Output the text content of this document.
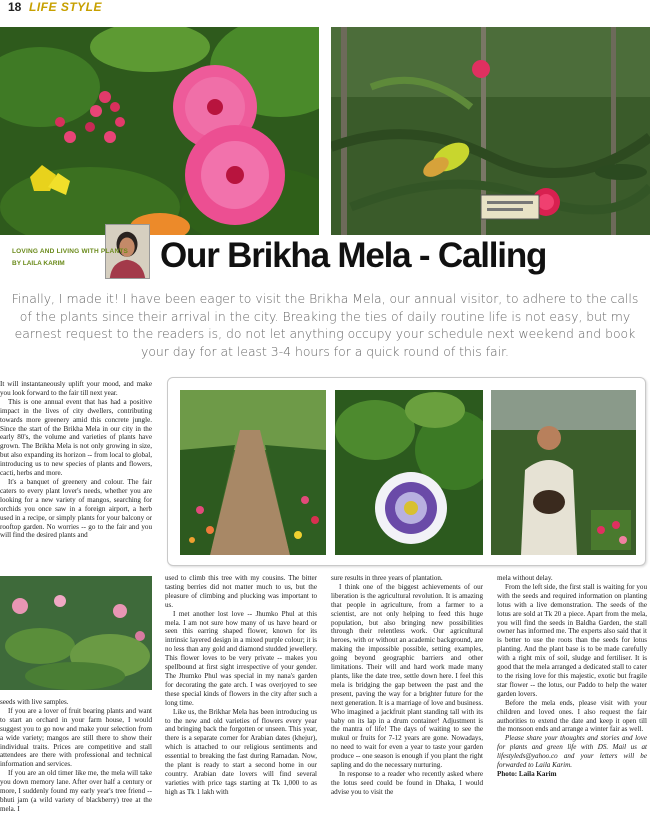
18 LIFE STYLE
LOVING AND LIVING WITH PLANTS
BY LAILA KARIM	Our Brikha Mela - Calling
Finally, I made it! I have been eager to visit the Brikha Mela, our annual visitor, to adhere to the calls of the plants since their arrival in the city. Breaking the ties of daily routine life is not easy, but my earnest request to the readers is, do not let anything occupy your schedule next weekend and book your day for at least 3-4 hours for a quick round of this fair.

It will instantaneously uplift your mood, and make you look forward to the fair till next year.

This is one annual event that has had a positive impact in the lives of city dwellers, contributing towards more greenery amid this concrete jungle. Since the start of the Brikha Mela in our city in the early 80's, the volume and varieties of plants have grown. The Brikha Mela is not only growing in size, but also expanding its horizon -- from local to global, introducing us to new species of plants and flowers, cacti, herbs and more.

It's a banquet of greenery and colour. The fair caters to every plant lover's needs, whether you are looking for a new variety of mangos, searching for orchids you once saw in a foreign airport, a herb used in a recipe, or simply plants for your balcony or rooftop garden. No worries -- go to the fair and you will find the desired plants and

seeds with live samples.

If you are a lover of fruit bearing plants and want to start an orchard in your farm house, I would suggest you to go now and make your selection from a wide variety; mangos are still there to show their individual traits. Prices are competitive and stall attendees are there with professional and technical information and services.

If you are an old timer like me, the mela will take you down memory lane. After over half a century or more, I suddenly found my early year's tree friend -- bhuti jam (a wild variety of blackberry) tree at the mela. I

used to climb this tree with my cousins. The bitter tasting berries did not matter much to us, but the pleasure of climbing and plucking was important to us.

I met another lost love -- Jhumko Phul at this mela. I am not sure how many of us have heard or seen this earring shaped flower, known for its intrinsic layered design in a mixed purple colour; it is no less than any gold and diamond studded jewellery. This flower loves to be very private -- makes you spellbound at first sight irrespective of your gender. The Jhumko Phul was special in my nana's garden for decorating the gate arch. I was overjoyed to see these special kinds of flowers in the city after such a long time.

Like us, the Brikhar Mela has been introducing us to the new and old varieties of flowers every year and bringing back the forgotten or unseen. This year, there is a separate corner for Arabian dates (khejur), which is attached to our religious sentiments and essential to breaking the fast during Ramadan. Now, the plant is ready to start a second home in our country. Arabian date lovers will find several varieties with price tags starting at Tk 1,000 to as high as Tk 1 lakh with

sure results in three years of plantation.

I think one of the biggest achievements of our liberation is the agricultural revolution. It is amazing that people in agriculture, from a farmer to a scientist, are not only helping to feed this huge population, but also bringing new possibilities through their relentless work. Our agricultural heroes, with or without an academic background, are making the impossible possible, setting examples, going beyond geographic barriers and other limitations. Their will and hard work made many plants, like the date tree, settle down here. I feel this mela is bridging the gap between the past and the present, paving the way for a brighter future for the next generation. It is a marriage of love and business. Who imagined a jackfruit plant standing tall with its baby on its lap in a drum container! Adjustment is the mantra of life! The days of waiting to see the mukul or fruits for 7-12 years are gone. Nowadays, no need to wait for even a year to taste your garden produce -- one season is enough if you plant the right sapling and do the necessary nurturing.

In response to a reader who recently asked where the lotus seed could be found in Dhaka, I would advise you to visit the

mela without delay.

From the left side, the first stall is waiting for you with the seeds and required information on planting lotus with a live demonstration. The seeds of the lotus are sold at Tk 20 a piece. Apart from the mela, you will find the seeds in Baldha Garden, the stall owner has informed me. The experts also said that it is better to use the roots than the seeds for lotus planting. And the plant base is to be made carefully with a right mix of soil, sludge and fertiliser. It is good that the mela arranged a dedicated stall to cater to the rising love for this majestic, exotic but fragile star flower -- the lotus, our Paddo to help the water garden lovers.

Before the mela ends, please visit with your children and loved ones. I also request the fair authorities to extend the date and keep it open till the monsoon ends and arrange a winter fair as well.

Please share your thoughts and stories and love for plants and green life with DS. Mail us at lifestyleds@yahoo.co and your letters will be forwarded to Laila Karim.

Photo: Laila Karim
